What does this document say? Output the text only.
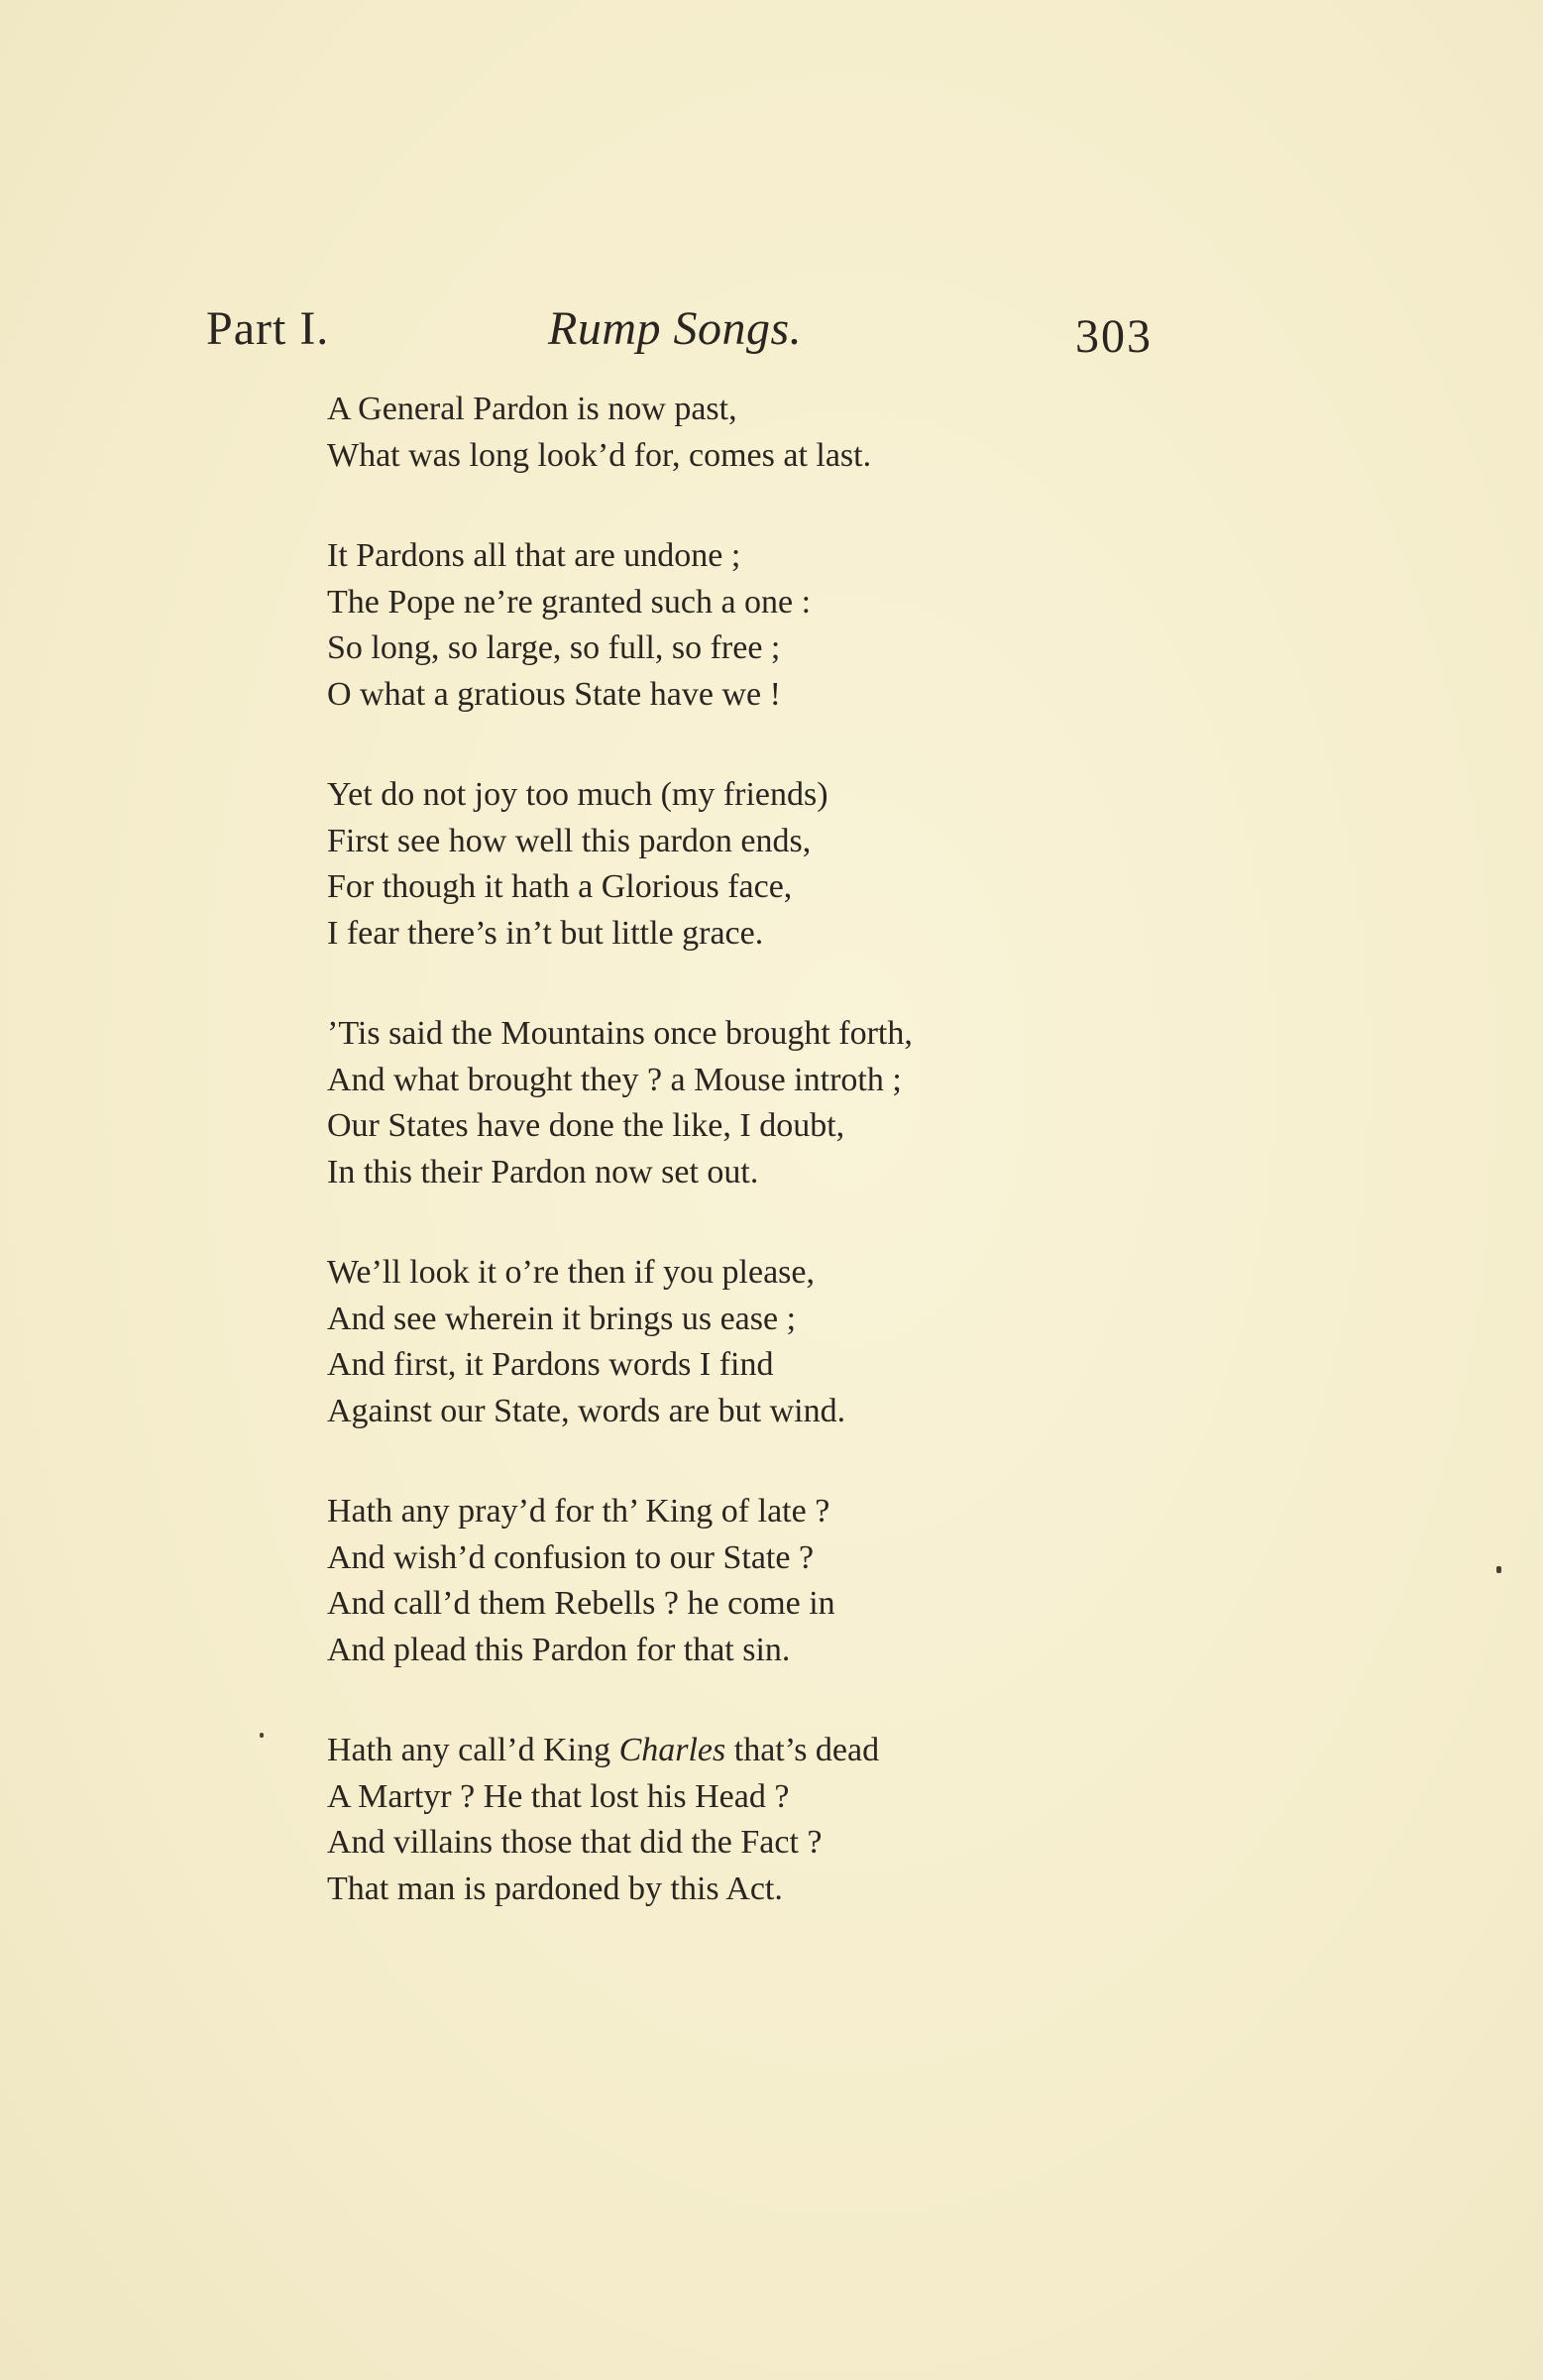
Part I.	Rump Songs.	303
A General Pardon is now past,
What was long look’d for, comes at last.
It Pardons all that are undone ;
The Pope ne’re granted such a one :
So long, so large, so full, so free ;
O what a gratious State have we !
Yet do not joy too much (my friends)
First see how well this pardon ends,
For though it hath a Glorious face,
I fear there’s in’t but little grace.
’Tis said the Mountains once brought forth,
And what brought they ? a Mouse introth ;
Our States have done the like, I doubt,
In this their Pardon now set out.
We’ll look it o’re then if you please,
And see wherein it brings us ease ;
And first, it Pardons words I find
Against our State, words are but wind.
Hath any pray’d for th’ King of late ?
And wish’d confusion to our State ?
And call’d them Rebells ? he come in
And plead this Pardon for that sin.
Hath any call’d King Charles that’s dead
A Martyr ? He that lost his Head ?
And villains those that did the Fact ?
That man is pardoned by this Act.
